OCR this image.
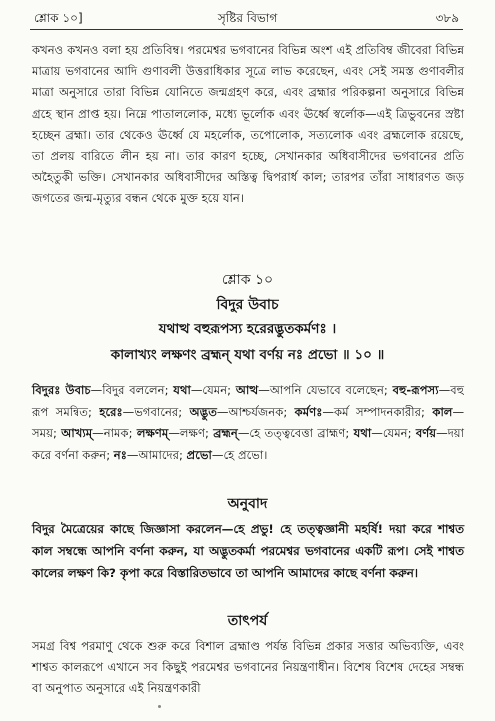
শ্লোক ১০]	সৃষ্টির বিভাগ	৩৮৯

কখনও কখনও বলা হয় প্রতিবিম্ব। পরমেশ্বর ভগবানের বিভিন্ন অংশ এই প্রতিবিম্ব জীবেরা বিভিন্ন মাত্রায় ভগবানের আদি গুণাবলী উত্তরাধিকার সূত্রে লাভ করেছেন, এবং সেই সমস্ত গুণাবলীর মাত্রা অনুসারে তারা বিভিন্ন যোনিতে জন্মগ্রহণ করে, এবং ব্রহ্মার পরিকল্পনা অনুসারে বিভিন্ন গ্রহে স্থান প্রাপ্ত হয়। নিম্নে পাতাললোক, মধ্যে ভূর্লোক এবং ঊর্ধ্বে স্বর্লোক—এই ত্রিভুবনের স্রষ্টা হচ্ছেন ব্রহ্মা। তার থেকেও ঊর্ধ্বে যে মহর্লোক, তপোলোক, সত্যলোক এবং ব্রহ্মলোক রয়েছে, তা প্রলয় বারিতে লীন হয় না। তার কারণ হচ্ছে, সেখানকার অধিবাসীদের ভগবানের প্রতি অহৈতুকী ভক্তি। সেখানকার অধিবাসীদের অস্তিত্ব দ্বিপরার্ধ কাল; তারপর তাঁরা সাধারণত জড় জগতের জন্ম-মৃত্যুর বন্ধন থেকে মুক্ত হয়ে যান।

শ্লোক ১০
বিদুর উবাচ
যথাত্থ বহুরূপস্য হরেরদ্ভুতকর্মণঃ ।
কালাখ্যং লক্ষণং ব্রহ্মন্ যথা বর্ণয় নঃ প্রভো ॥ ১০ ॥
বিদুরঃ উবাচ—বিদুর বললেন; যথা—যেমন; আত্থ—আপনি যেভাবে বলেছেন; বহু-রূপস্য—বহু রূপ সমন্বিত; হরেঃ—ভগবানের; অদ্ভুত—আশ্চর্যজনক; কর্মণঃ—কর্ম সম্পাদনকারীর; কাল—সময়; আখ্যম্—নামক; লক্ষণম্—লক্ষণ; ব্রহ্মন্—হে তত্ত্ববেত্তা ব্রাহ্মণ; যথা—যেমন; বর্ণয়—দয়া করে বর্ণনা করুন; নঃ—আমাদের; প্রভো—হে প্রভো।
অনুবাদ

বিদুর মৈত্রেয়ের কাছে জিজ্ঞাসা করলেন—হে প্রভু! হে তত্ত্বজ্ঞানী মহর্ষি! দয়া করে শাশ্বত কাল সম্বন্ধে আপনি বর্ণনা করুন, যা অদ্ভুতকর্মা পরমেশ্বর ভগবানের একটি রূপ। সেই শাশ্বত কালের লক্ষণ কি? কৃপা করে বিস্তারিতভাবে তা আপনি আমাদের কাছে বর্ণনা করুন।

তাৎপর্য

সমগ্র বিশ্ব পরমাণু থেকে শুরু করে বিশাল ব্রহ্মাণ্ড পর্যন্ত বিভিন্ন প্রকার সত্তার অভিব্যক্তি, এবং শাশ্বত কালরূপে এখানে সব কিছুই পরমেশ্বর ভগবানের নিয়ন্ত্রণাধীন। বিশেষ বিশেষ দেহের সম্বন্ধ বা অনুপাত অনুসারে এই নিয়ন্ত্রণকারী
